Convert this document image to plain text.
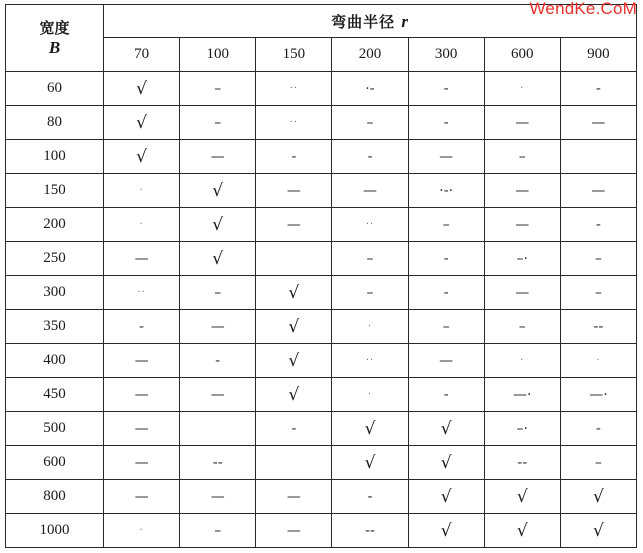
WendKe.CoM
宽度
B	弯曲半径 r						
	70	100	150	200	300	600	900
60	√	–	··	·-	-	·	-
80	√	–	··	–	-	—	—
100	√	—	-	-	—	–	
150	·	√	—	—	·-·	—	—
200	·	√	—	··	–	—	-
250	—	√		–	-	–·	–
300	··	–	√	–	-	—	–
350	-	—	√	·	–	–	--
400	—	-	√	··	—	·	·
450	—	—	√	·	-	—·	—·
500	—		-	√	√	–·	-
600	—	--		√	√	--	–
800	—	—	—	-	√	√	√
1000	·	–	—	--	√	√	√
